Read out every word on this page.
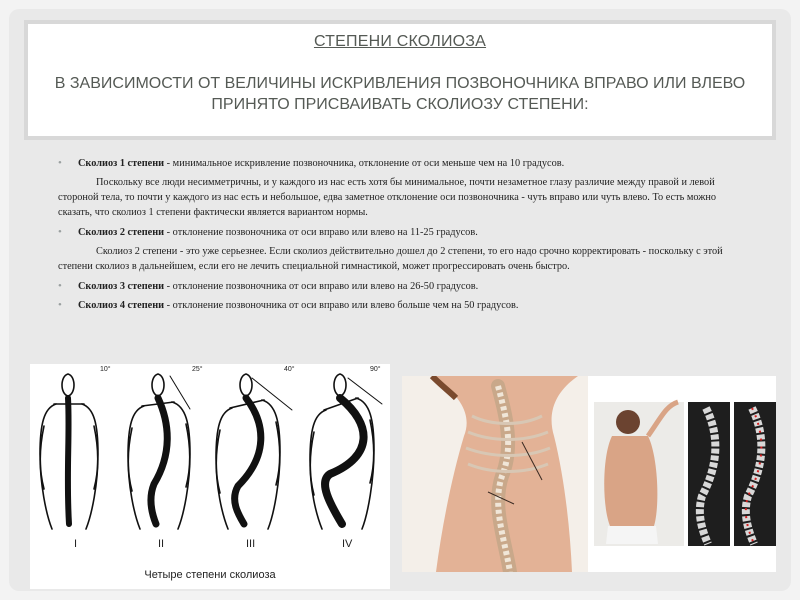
СТЕПЕНИ СКОЛИОЗА
В ЗАВИСИМОСТИ ОТ ВЕЛИЧИНЫ ИСКРИВЛЕНИЯ ПОЗВОНОЧНИКА ВПРАВО ИЛИ ВЛЕВО ПРИНЯТО ПРИСВАИВАТЬ СКОЛИОЗУ СТЕПЕНИ:
• Сколиоз 1 степени - минимальное искривление позвоночника, отклонение от оси меньше чем на 10 градусов.

Поскольку все люди несимметричны, и у каждого из нас есть хотя бы минимальное, почти незаметное глазу различие между правой и левой стороной тела, то почти у каждого из нас есть и небольшое, едва заметное отклонение оси позвоночника - чуть вправо или чуть влево. То есть можно сказать, что сколиоз 1 степени фактически является вариантом нормы.

• Сколиоз 2 степени - отклонение позвоночника от оси вправо или влево на 11-25 градусов.

Сколиоз 2 степени - это уже серьезнее. Если сколиоз действительно дошел до 2 степени, то его надо срочно корректировать - поскольку с этой степени сколиоз в дальнейшем, если его не лечить специальной гимнастикой, может прогрессировать очень быстро.

• Сколиоз 3 степени - отклонение позвоночника от оси вправо или влево на 26-50 градусов.
• Сколиоз 4 степени - отклонение позвоночника от оси вправо или влево больше чем на 50 градусов.
10°	25°	40°	90°
I	II	III	IV
Четыре степени сколиоза
